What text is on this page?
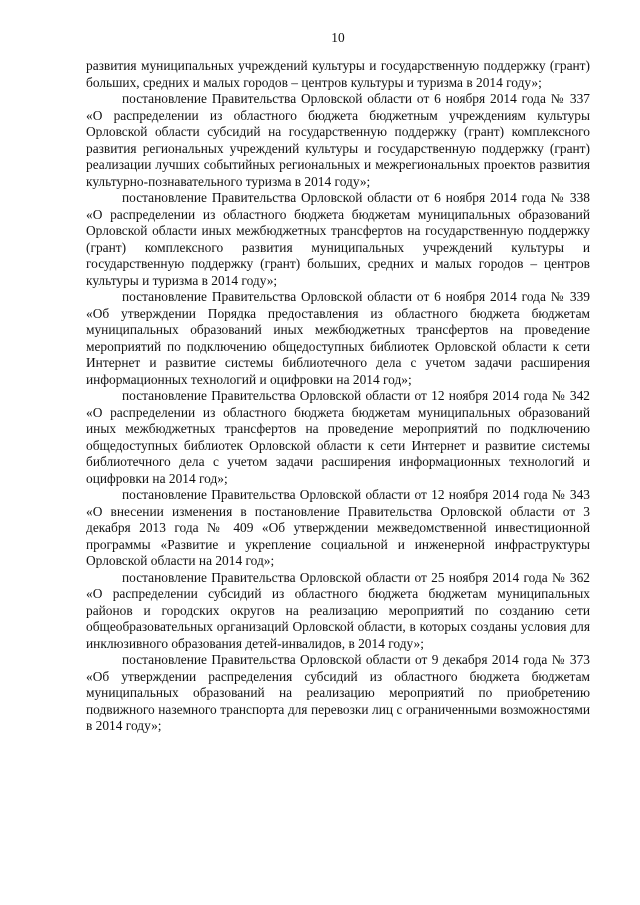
10

развития муниципальных учреждений культуры и государственную поддержку (грант) больших, средних и малых городов – центров культуры и туризма в 2014 году»;

постановление Правительства Орловской области от 6 ноября 2014 года № 337 «О распределении из областного бюджета бюджетным учреждениям культуры Орловской области субсидий на государственную поддержку (грант) комплексного развития региональных учреждений культуры и государственную поддержку (грант) реализации лучших событийных региональных и межрегиональных проектов развития культурно-познавательного туризма в 2014 году»;

постановление Правительства Орловской области от 6 ноября 2014 года № 338 «О распределении из областного бюджета бюджетам муниципальных образований Орловской области иных межбюджетных трансфертов на государственную поддержку (грант) комплексного развития муниципальных учреждений культуры и государственную поддержку (грант) больших, средних и малых городов – центров культуры и туризма в 2014 году»;

постановление Правительства Орловской области от 6 ноября 2014 года № 339 «Об утверждении Порядка предоставления из областного бюджета бюджетам муниципальных образований иных межбюджетных трансфертов на проведение мероприятий по подключению общедоступных библиотек Орловской области к сети Интернет и развитие системы библиотечного дела с учетом задачи расширения информационных технологий и оцифровки на 2014 год»;

постановление Правительства Орловской области от 12 ноября 2014 года № 342 «О распределении из областного бюджета бюджетам муниципальных образований иных межбюджетных трансфертов на проведение мероприятий по подключению общедоступных библиотек Орловской области к сети Интернет и развитие системы библиотечного дела с учетом задачи расширения информационных технологий и оцифровки на 2014 год»;

постановление Правительства Орловской области от 12 ноября 2014 года № 343 «О внесении изменения в постановление Правительства Орловской области от 3 декабря 2013 года № 409 «Об утверждении межведомственной инвестиционной программы «Развитие и укрепление социальной и инженерной инфраструктуры Орловской области на 2014 год»;

постановление Правительства Орловской области от 25 ноября 2014 года № 362 «О распределении субсидий из областного бюджета бюджетам муниципальных районов и городских округов на реализацию мероприятий по созданию сети общеобразовательных организаций Орловской области, в которых созданы условия для инклюзивного образования детей-инвалидов, в 2014 году»;

постановление Правительства Орловской области от 9 декабря 2014 года № 373 «Об утверждении распределения субсидий из областного бюджета бюджетам муниципальных образований на реализацию мероприятий по приобретению подвижного наземного транспорта для перевозки лиц с ограниченными возможностями в 2014 году»;
